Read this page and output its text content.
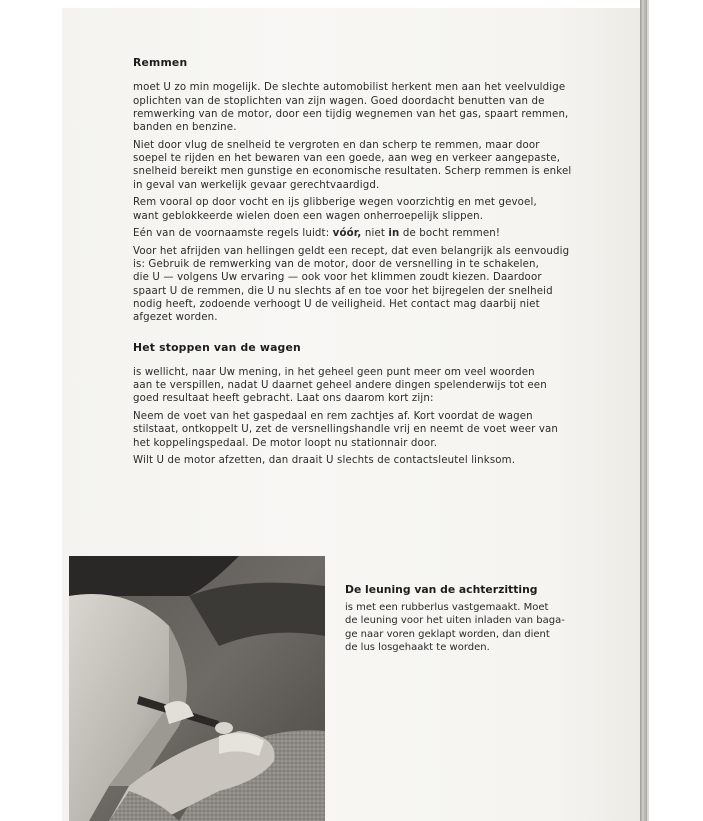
Remmen

moet U zo min mogelijk. De slechte automobilist herkent men aan het veelvuldige
oplichten van de stoplichten van zijn wagen. Goed doordacht benutten van de
remwerking van de motor, door een tijdig wegnemen van het gas, spaart remmen,
banden en benzine.

Niet door vlug de snelheid te vergroten en dan scherp te remmen, maar door
soepel te rijden en het bewaren van een goede, aan weg en verkeer aangepaste,
snelheid bereikt men gunstige en economische resultaten. Scherp remmen is enkel
in geval van werkelijk gevaar gerechtvaardigd.

Rem vooral op door vocht en ijs glibberige wegen voorzichtig en met gevoel,
want geblokkeerde wielen doen een wagen onherroepelijk slippen.

Eén van de voornaamste regels luidt: vóór, niet in de bocht remmen!

Voor het afrijden van hellingen geldt een recept, dat even belangrijk als eenvoudig
is: Gebruik de remwerking van de motor, door de versnelling in te schakelen,
die U — volgens Uw ervaring — ook voor het klimmen zoudt kiezen. Daardoor
spaart U de remmen, die U nu slechts af en toe voor het bijregelen der snelheid
nodig heeft, zodoende verhoogt U de veiligheid. Het contact mag daarbij niet
afgezet worden.

Het stoppen van de wagen

is wellicht, naar Uw mening, in het geheel geen punt meer om veel woorden
aan te verspillen, nadat U daarnet geheel andere dingen spelenderwijs tot een
goed resultaat heeft gebracht. Laat ons daarom kort zijn:

Neem de voet van het gaspedaal en rem zachtjes af. Kort voordat de wagen
stilstaat, ontkoppelt U, zet de versnellingshandle vrij en neemt de voet weer van
het koppelingspedaal. De motor loopt nu stationnair door.

Wilt U de motor afzetten, dan draait U slechts de contactsleutel linksom.

De leuning van de achterzitting

is met een rubberlus vastgemaakt. Moet
de leuning voor het uiten inladen van baga-
ge naar voren geklapt worden, dan dient
de lus losgehaakt te worden.
